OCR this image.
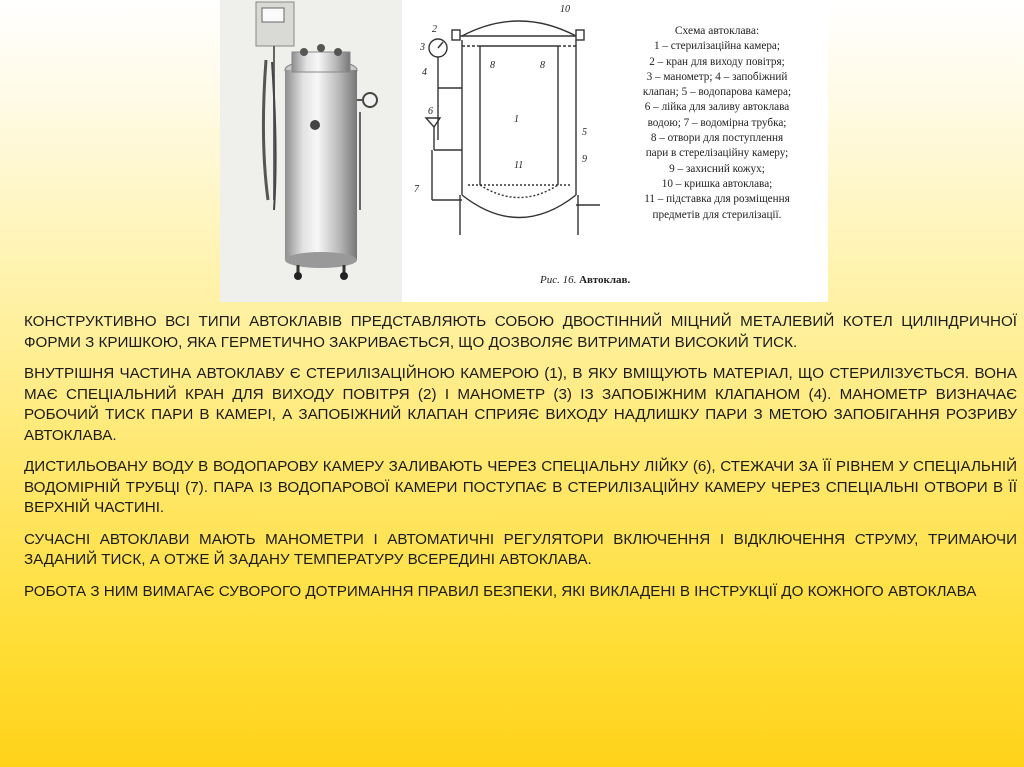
10
2
3
4
8	8
1
5
6
9
11
7
Схема автоклава:
1 – стерилізаційна камера;
2 – кран для виходу повітря;
3 – манометр; 4 – запобіжний
клапан; 5 – водопарова камера;
6 – лійка для заливу автоклава
водою; 7 – водомірна трубка;
8 – отвори для поступлення
пари в стерелізаційну камеру;
9 – захисний кожух;
10 – кришка автоклава;
11 – підставка для розміщення
предметів для стерилізації.
Рис. 16. Автоклав.

КОНСТРУКТИВНО ВСІ ТИПИ АВТОКЛАВІВ ПРЕДСТАВЛЯЮТЬ СОБОЮ ДВОСТІННИЙ МІЦНИЙ МЕТАЛЕВИЙ КОТЕЛ ЦИЛІНДРИЧНОЇ ФОРМИ З КРИШКОЮ, ЯКА ГЕРМЕТИЧНО ЗАКРИВАЄТЬСЯ, ЩО ДОЗВОЛЯЄ ВИТРИМАТИ ВИСОКИЙ ТИСК.

ВНУТРІШНЯ ЧАСТИНА АВТОКЛАВУ Є СТЕРИЛІЗАЦІЙНОЮ КАМЕРОЮ (1), В ЯКУ ВМІЩУЮТЬ МАТЕРІАЛ, ЩО СТЕРИЛІЗУЄТЬСЯ. ВОНА МАЄ СПЕЦІАЛЬНИЙ КРАН ДЛЯ ВИХОДУ ПОВІТРЯ (2) І МАНОМЕТР (3) ІЗ ЗАПОБІЖНИМ КЛАПАНОМ (4). МАНОМЕТР ВИЗНАЧАЄ РОБОЧИЙ ТИСК ПАРИ В КАМЕРІ, А ЗАПОБІЖНИЙ КЛАПАН СПРИЯЄ ВИХОДУ НАДЛИШКУ ПАРИ З МЕТОЮ ЗАПОБІГАННЯ РОЗРИВУ АВТОКЛАВА.

ДИСТИЛЬОВАНУ ВОДУ В ВОДОПАРОВУ КАМЕРУ ЗАЛИВАЮТЬ ЧЕРЕЗ СПЕЦІАЛЬНУ ЛІЙКУ (6), СТЕЖАЧИ ЗА ЇЇ РІВНЕМ У СПЕЦІАЛЬНІЙ ВОДОМІРНІЙ ТРУБЦІ (7). ПАРА ІЗ ВОДОПАРОВОЇ КАМЕРИ ПОСТУПАЄ В СТЕРИЛІЗАЦІЙНУ КАМЕРУ ЧЕРЕЗ СПЕЦІАЛЬНІ ОТВОРИ В ЇЇ ВЕРХНІЙ ЧАСТИНІ.

СУЧАСНІ АВТОКЛАВИ МАЮТЬ МАНОМЕТРИ І АВТОМАТИЧНІ РЕГУЛЯТОРИ ВКЛЮЧЕННЯ І ВІДКЛЮЧЕННЯ СТРУМУ, ТРИМАЮЧИ ЗАДАНИЙ ТИСК, А ОТЖЕ Й ЗАДАНУ ТЕМПЕРАТУРУ ВСЕРЕДИНІ АВТОКЛАВА.

РОБОТА З НИМ ВИМАГАЄ СУВОРОГО ДОТРИМАННЯ ПРАВИЛ БЕЗПЕКИ, ЯКІ ВИКЛАДЕНІ В ІНСТРУКЦІЇ ДО КОЖНОГО АВТОКЛАВА
